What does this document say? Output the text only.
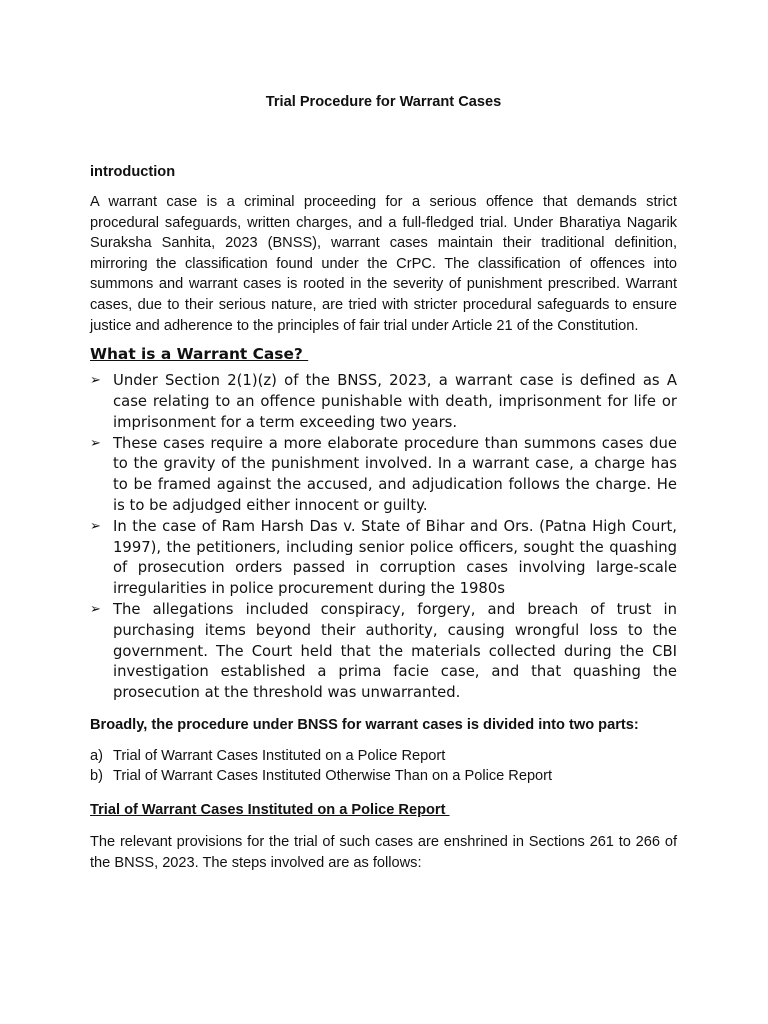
Trial Procedure for Warrant Cases

introduction

A warrant case is a criminal proceeding for a serious offence that demands strict procedural safeguards, written charges, and a full-fledged trial. Under Bharatiya Nagarik Suraksha Sanhita, 2023 (BNSS), warrant cases maintain their traditional definition, mirroring the classification found under the CrPC. The classification of offences into summons and warrant cases is rooted in the severity of punishment prescribed. Warrant cases, due to their serious nature, are tried with stricter procedural safeguards to ensure justice and adherence to the principles of fair trial under Article 21 of the Constitution.

What is a Warrant Case?

➢ Under Section 2(1)(z) of the BNSS, 2023, a warrant case is defined as A case relating to an offence punishable with death, imprisonment for life or imprisonment for a term exceeding two years.
➢ These cases require a more elaborate procedure than summons cases due to the gravity of the punishment involved. In a warrant case, a charge has to be framed against the accused, and adjudication follows the charge. He is to be adjudged either innocent or guilty.
➢ In the case of Ram Harsh Das v. State of Bihar and Ors. (Patna High Court, 1997), the petitioners, including senior police officers, sought the quashing of prosecution orders passed in corruption cases involving large-scale irregularities in police procurement during the 1980s
➢ The allegations included conspiracy, forgery, and breach of trust in purchasing items beyond their authority, causing wrongful loss to the government. The Court held that the materials collected during the CBI investigation established a prima facie case, and that quashing the prosecution at the threshold was unwarranted.

Broadly, the procedure under BNSS for warrant cases is divided into two parts:

a) Trial of Warrant Cases Instituted on a Police Report
b) Trial of Warrant Cases Instituted Otherwise Than on a Police Report

Trial of Warrant Cases Instituted on a Police Report

The relevant provisions for the trial of such cases are enshrined in Sections 261 to 266 of the BNSS, 2023. The steps involved are as follows:
